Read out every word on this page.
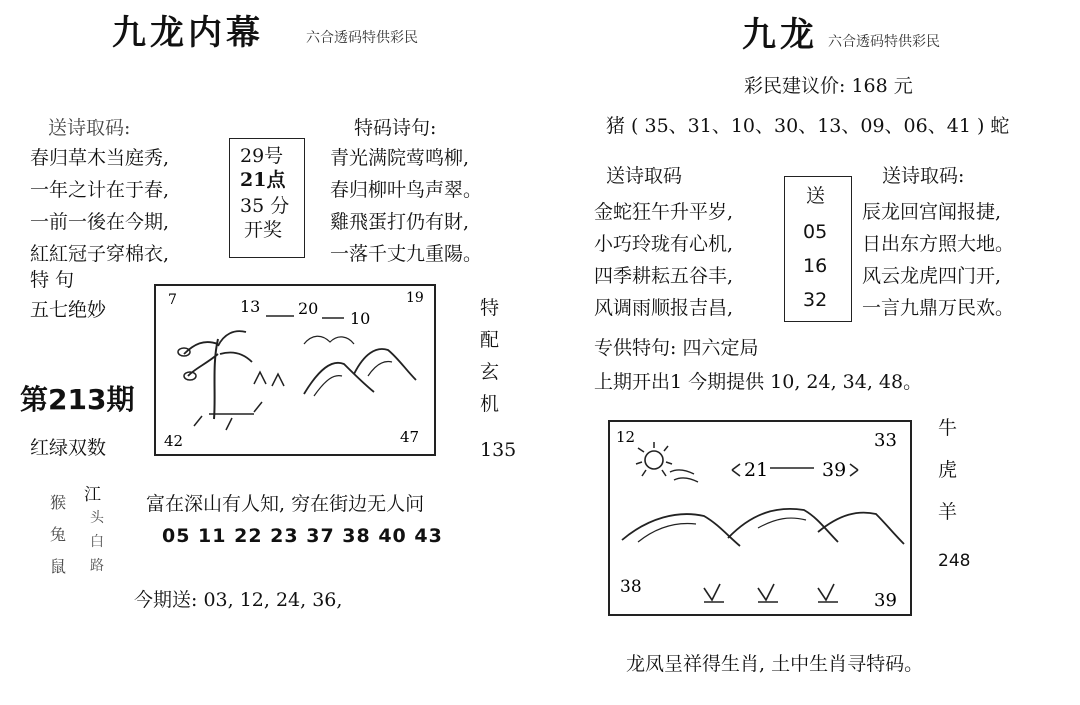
九龙内幕	六合透码特供彩民
送诗取码:
29号
21点
35 分
开奖
特码诗句:
春归草木当庭秀,
一年之计在于春,
一前一後在今期,
紅紅冠子穿棉衣,
青光满院莺鸣柳,
春归柳叶鸟声翠。
雞飛蛋打仍有財,
一落千丈九重陽。
特 句
五七绝妙
第213期
红绿双数
7	13 20
10
19
42	47
特
配
玄
机
135
猴
兔
鼠
江
头
白
路
富在深山有人知, 穷在街边无人问
05 11 22 23 37 38 40 43
今期送: 03, 12, 24, 36,
九龙 六合透码特供彩民
彩民建议价: 168 元
猪 ( 35、31、10、30、13、09、06、41 ) 蛇
送诗取码	送诗取码:
金蛇狂午升平岁,
小巧玲珑有心机,
四季耕耘五谷丰,
风调雨顺报吉昌,
送
05
16
32
辰龙回宫闻报捷,
日出东方照大地。
风云龙虎四门开,
一言九鼎万民欢。
专供特句: 四六定局
上期开出1 今期提供 10, 24, 34, 48。
12	33
21	39
38
39
牛
虎
羊
248
龙凤呈祥得生肖, 土中生肖寻特码。
